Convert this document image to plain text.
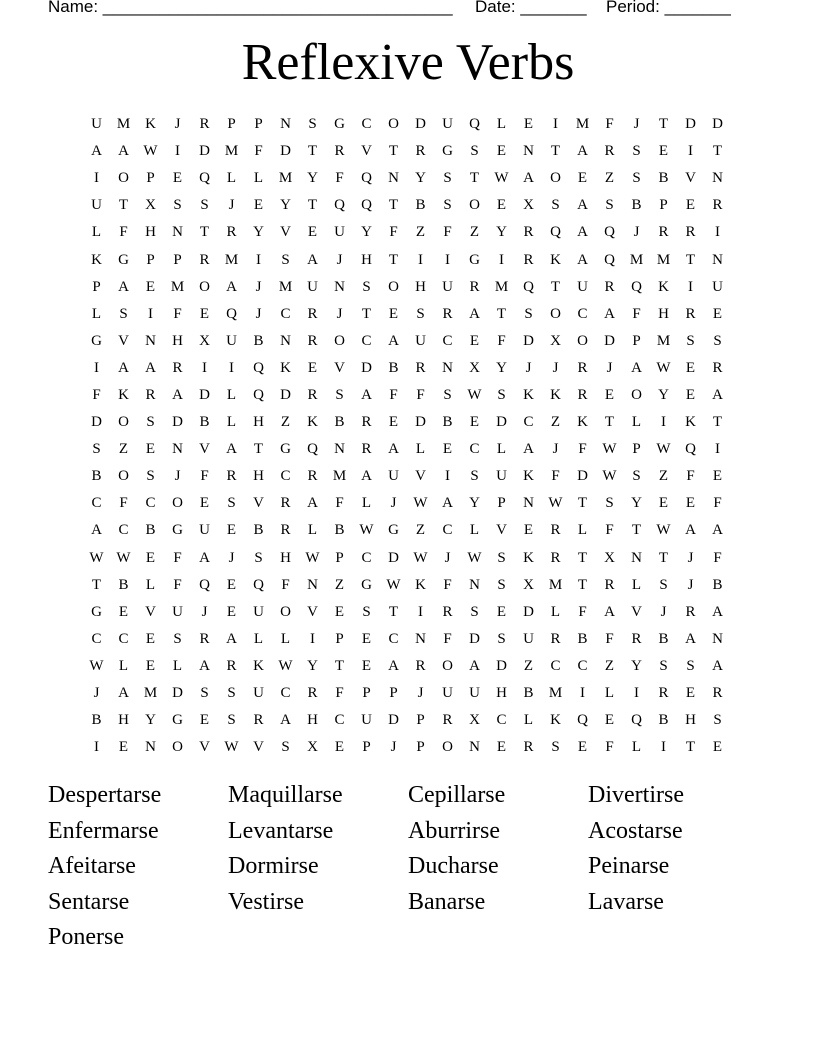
Name: _____________________________________

Date: _______

Period: _______

Reflexive Verbs
U M K	J	R	P	P	N	S	G	C	O	D	U	Q	L	E	I	M	F	J	T	D	D
A	A W	I	D M	F	D	T	R	V	T	R	G	S	E	N	T	A	R	S	E	I	T
I	O	P	E	Q	L	L	M Y	F	Q	N	Y	S	T	W A	O	E	Z	S	B	V	N
U	T	X	S	S	J	E	Y	T	Q	Q	T	B	S	O	E	X	S	A	S	B	P	E	R
L	F	H	N	T	R	Y	V	E	U	Y	F	Z	F	Z	Y	R	Q	A	Q	J	R	R	I
K	G	P	P	R	M	I	S	A	J	H	T	I	I	G	I	R	K	A	Q M M	T	N
P	A	E	M O	A	J	M U	N	S	O	H	U	R	M Q	T	U	R	Q	K	I	U
L	S	I	F	E	Q	J	C	R	J	T	E	S	R	A	T	S	O	C	A	F	H	R	E
G	V	N	H	X	U	B	N	R	O	C	A	U	C	E	F	D	X	O	D	P	M	S	S
I	A	A	R	I	I	Q	K	E	V	D	B	R	N	X	Y	J	J	R	J	A W	E	R
F	K	R	A	D	L	Q	D	R	S	A	F	F	S	W	S	K	K	R	E	O	Y	E	A
D	O	S	D	B	L	H	Z	K	B	R	E	D	B	E	D	C	Z	K	T	L	I	K	T
S	Z	E	N	V	A	T	G	Q	N	R	A	L	E	C	L	A	J	F	W	P	W Q	I
B	O	S	J	F	R	H	C	R	M A	U	V	I	S	U	K	F	D W	S	Z	F	E
C	F	C	O	E	S	V	R	A	F	L	J	W A	Y	P	N W	T	S	Y	E	E	F
A	C	B	G	U	E	B	R	L	B W G	Z	C	L	V	E	R	L	F	T	W A	A
W W	E	F	A	J	S	H W	P	C	D W	J	W	S	K	R	T	X	N	T	J	F
T	B	L	F	Q	E	Q	F	N	Z	G W K	F	N	S	X M	T	R	L	S	J	B
G	E	V	U	J	E	U	O	V	E	S	T	I	R	S	E	D	L	F	A	V	J	R	A
C	C	E	S	R	A	L	L	I	P	E	C	N	F	D	S	U	R	B	F	R	B	A	N
W	L	E	L	A	R	K W Y	T	E	A	R	O	A	D	Z	C	C	Z	Y	S	S	A
J	A M D	S	S	U	C	R	F	P	P	J	U	U	H	B	M	I	L	I	R	E	R
B	H	Y	G	E	S	R	A	H	C	U	D	P	R	X	C	L	K	Q	E	Q	B	H	S
I	E	N	O	V W V	S	X	E	P	J	P	O	N	E	R	S	E	F	L	I	T	E
Despertarse	Maquillarse	Cepillarse	Divertirse
Enfermarse	Levantarse	Aburrirse	Acostarse
Afeitarse	Dormirse	Ducharse	Peinarse
Sentarse	Vestirse	Banarse	Lavarse
Ponerse
